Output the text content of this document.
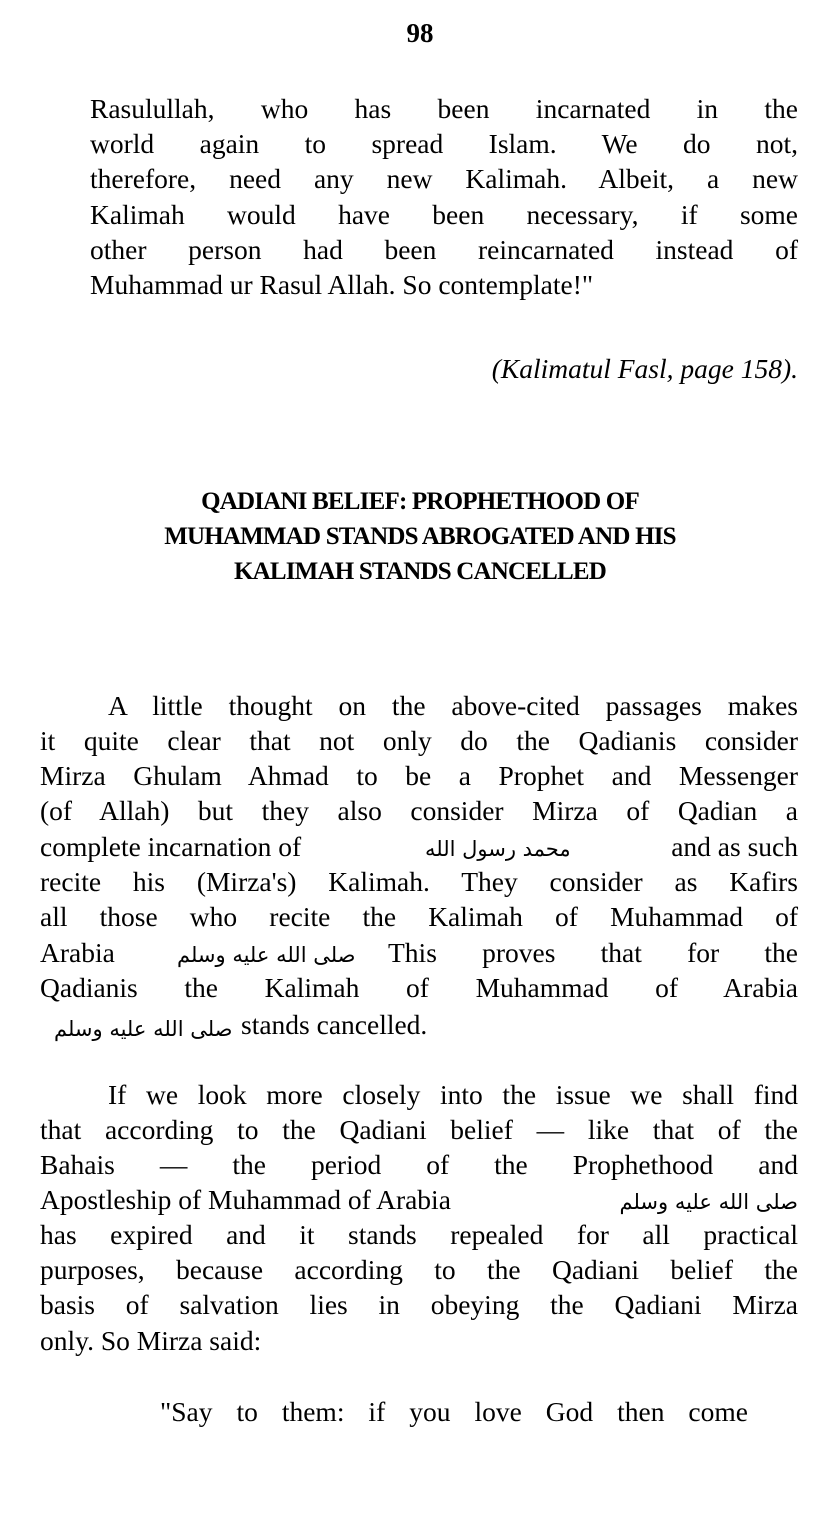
98
Rasulullah, who has been incarnated in the
world again to spread Islam. We do not,
therefore, need any new Kalimah. Albeit, a new
Kalimah would have been necessary, if some
other person had been reincarnated instead of
Muhammad ur Rasul Allah. So contemplate!"
(Kalimatul Fasl, page 158).
QADIANI BELIEF: PROPHETHOOD OF
MUHAMMAD STANDS ABROGATED AND HIS
KALIMAH STANDS CANCELLED
A little thought on the above-cited passages makes
it quite clear that not only do the Qadianis consider
Mirza Ghulam Ahmad to be a Prophet and Messenger
(of Allah) but they also consider Mirza of Qadian a
complete incarnation of	محمد رسول الله	and as such
recite his (Mirza's) Kalimah. They consider as Kafirs
all those who recite the Kalimah of Muhammad of
Arabia	صلى الله عليه وسلم This proves that for the
Qadianis the Kalimah of Muhammad of Arabia
صلى الله عليه وسلم stands cancelled.
If we look more closely into the issue we shall find
that according to the Qadiani belief — like that of the
Bahais — the period of the Prophethood and
Apostleship of Muhammad of Arabia	صلى الله عليه وسلم
has expired and it stands repealed for all practical
purposes, because according to the Qadiani belief the
basis of salvation lies in obeying the Qadiani Mirza
only. So Mirza said:
"Say to them: if you love God then come
